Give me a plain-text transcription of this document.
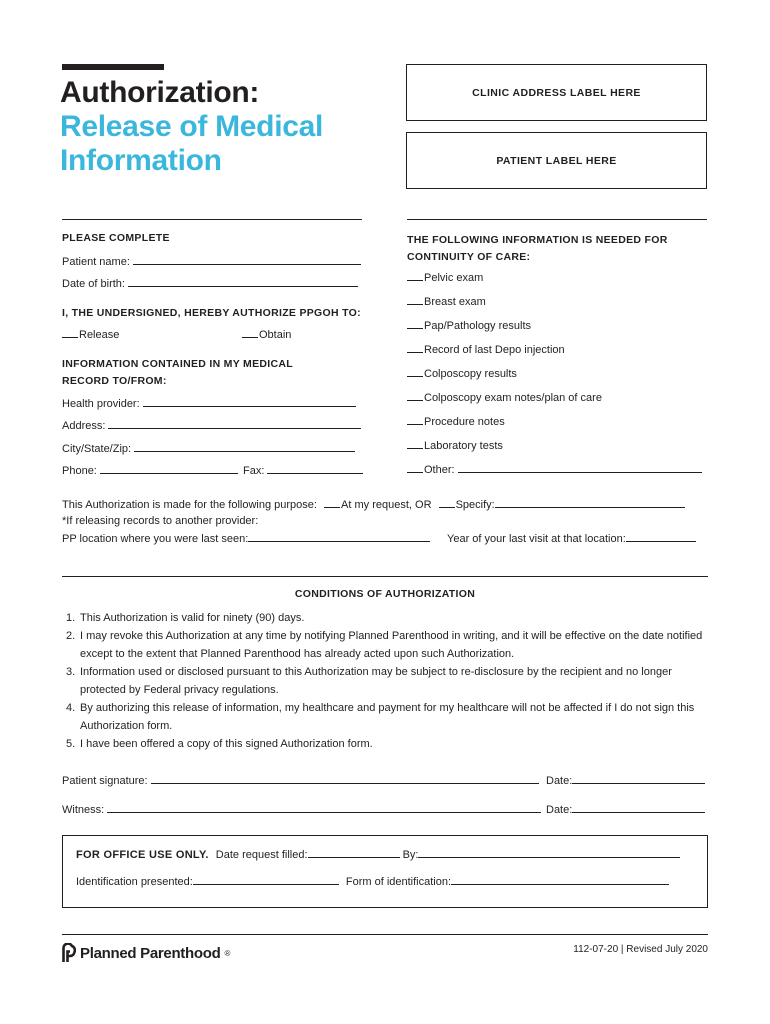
Authorization:
Release of Medical Information
CLINIC ADDRESS LABEL HERE
PATIENT LABEL HERE
PLEASE COMPLETE
Patient name:
Date of birth:
I, THE UNDERSIGNED, HEREBY AUTHORIZE PPGOH TO:
Release	Obtain
INFORMATION CONTAINED IN MY MEDICAL
RECORD TO/FROM:
Health provider:
Address:
City/State/Zip:
Phone:	Fax:
THE FOLLOWING INFORMATION IS NEEDED FOR
CONTINUITY OF CARE:
Pelvic exam
Breast exam
Pap/Pathology results
Record of last Depo injection
Colposcopy results
Colposcopy exam notes/plan of care
Procedure notes
Laboratory tests
Other:
This Authorization is made for the following purpose: At my request, OR Specify:
*If releasing records to another provider:
PP location where you were last seen:	Year of your last visit at that location:
CONDITIONS OF AUTHORIZATION
1. This Authorization is valid for ninety (90) days.
2. I may revoke this Authorization at any time by notifying Planned Parenthood in writing, and it will be effective on the date notified except to the extent that Planned Parenthood has already acted upon such Authorization.
3. Information used or disclosed pursuant to this Authorization may be subject to re-disclosure by the recipient and no longer protected by Federal privacy regulations.
4. By authorizing this release of information, my healthcare and payment for my healthcare will not be affected if I do not sign this Authorization form.
5. I have been offered a copy of this signed Authorization form.
Patient signature:	Date:
Witness:	Date:
FOR OFFICE USE ONLY. Date request filled:	By:
Identification presented:	Form of identification:
Planned Parenthood ®	112-07-20 | Revised July 2020
